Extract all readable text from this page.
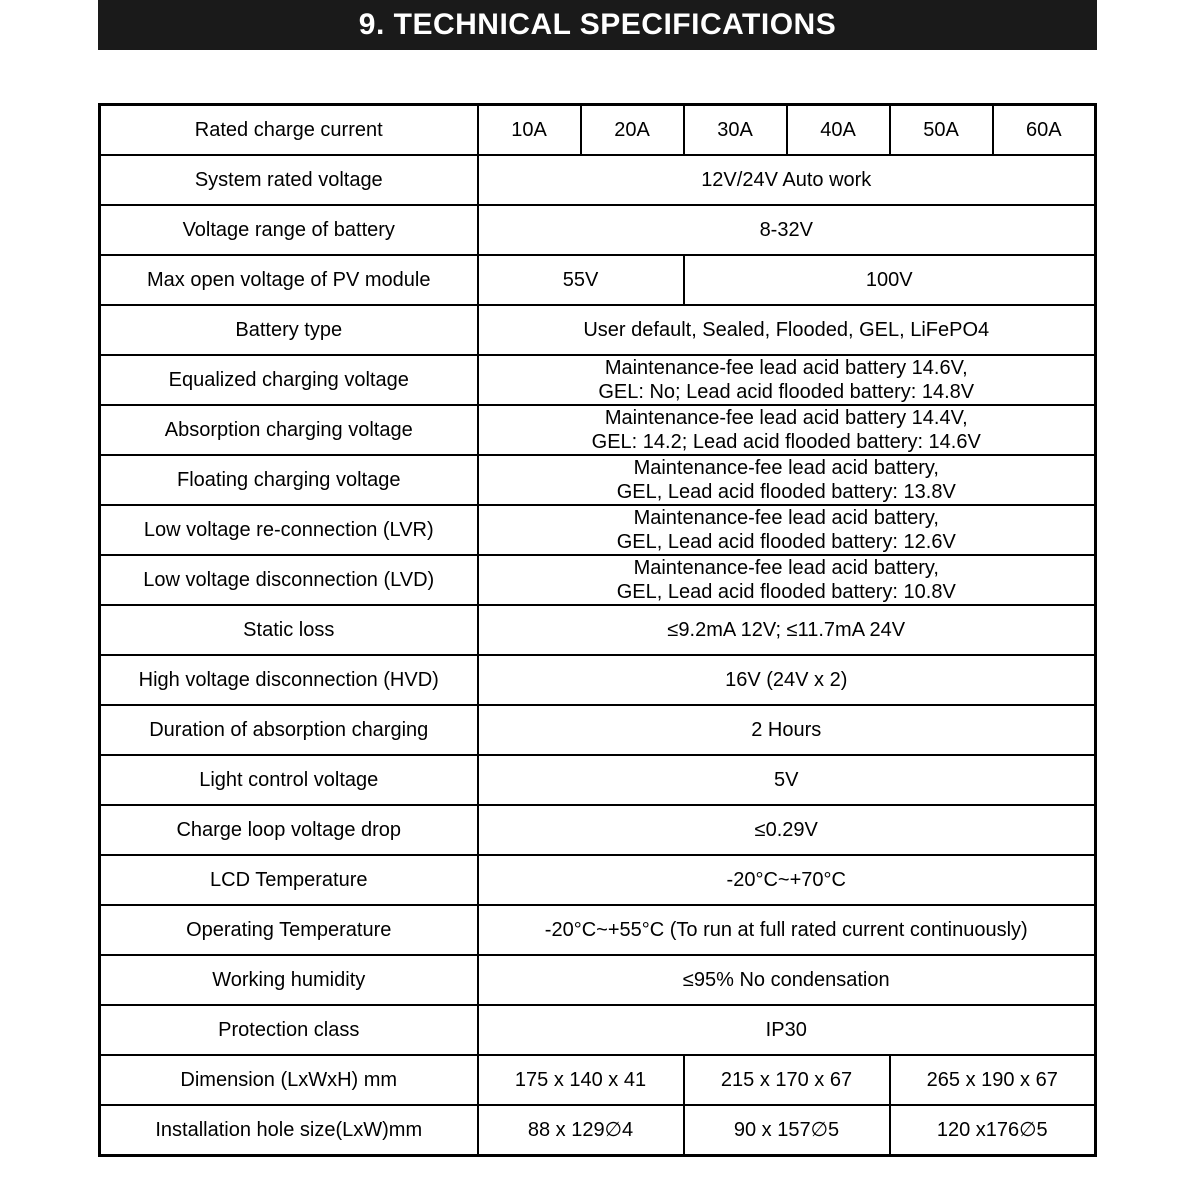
9. TECHNICAL SPECIFICATIONS
Rated charge current	10A	20A	30A	40A	50A	60A
System rated voltage	12V/24V Auto work					
Voltage range of battery	8-32V					
Max open voltage of PV module	55V		100V			
Battery type	User default, Sealed, Flooded, GEL, LiFePO4					
Equalized charging voltage	Maintenance-fee lead acid battery 14.6V,
GEL: No; Lead acid flooded battery: 14.8V					
Absorption charging voltage	Maintenance-fee lead acid battery 14.4V,
GEL: 14.2; Lead acid flooded battery: 14.6V					
Floating charging voltage	Maintenance-fee lead acid battery,
GEL, Lead acid flooded battery: 13.8V					
Low voltage re-connection (LVR)	Maintenance-fee lead acid battery,
GEL, Lead acid flooded battery: 12.6V					
Low voltage disconnection (LVD)	Maintenance-fee lead acid battery,
GEL, Lead acid flooded battery: 10.8V					
Static loss	≤9.2mA 12V; ≤11.7mA 24V					
High voltage disconnection (HVD)	16V (24V x 2)					
Duration of absorption charging	2 Hours					
Light control voltage	5V					
Charge loop voltage drop	≤0.29V					
LCD Temperature	-20°C~+70°C					
Operating Temperature	-20°C~+55°C (To run at full rated current continuously)					
Working humidity	≤95% No condensation					
Protection class	IP30					
Dimension (LxWxH) mm	175 x 140 x 41		215 x 170 x 67		265 x 190 x 67	
Installation hole size(LxW)mm	88 x 129∅4		90 x 157∅5		120 x176∅5	
